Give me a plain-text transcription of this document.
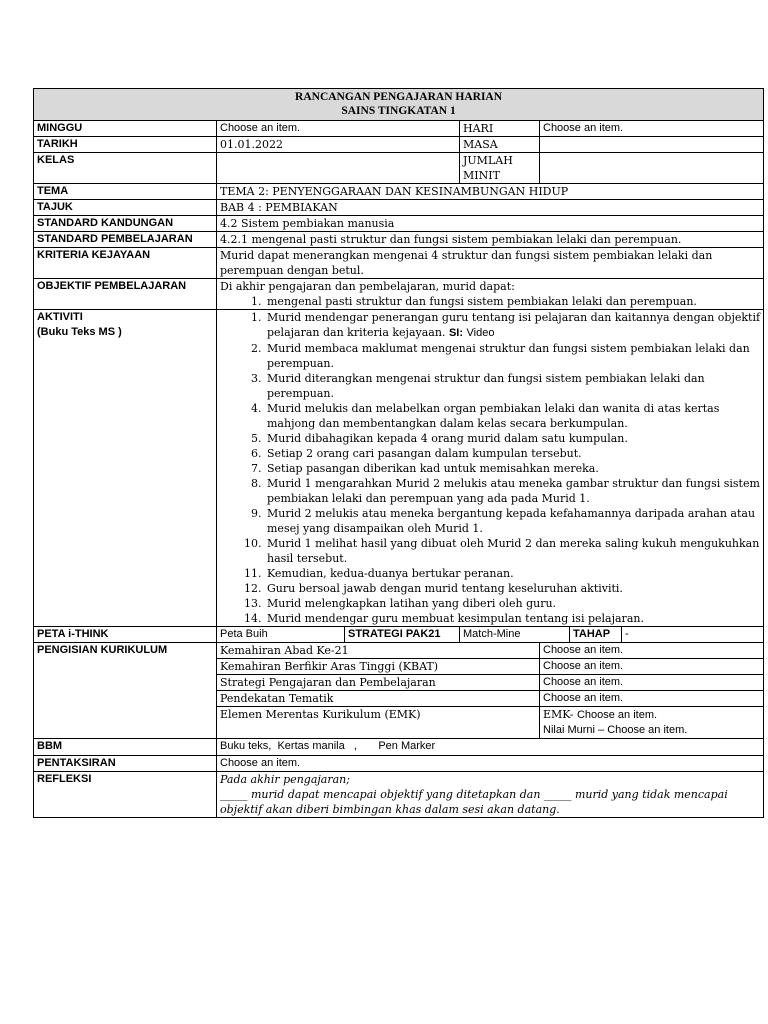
RANCANGAN PENGAJARAN HARIAN
SAINS TINGKATAN 1

MINGGU	Choose an item.	HARI	Choose an item.
TARIKH	01.01.2022	MASA	
KELAS		JUMLAH MINIT	
TEMA	TEMA 2: PENYENGGARAAN DAN KESINAMBUNGAN HIDUP
TAJUK	BAB 4 : PEMBIAKAN
STANDARD KANDUNGAN	4.2 Sistem pembiakan manusia
STANDARD PEMBELAJARAN	4.2.1 mengenal pasti struktur dan fungsi sistem pembiakan lelaki dan perempuan.
KRITERIA KEJAYAAN	Murid dapat menerangkan mengenai 4 struktur dan fungsi sistem pembiakan lelaki dan perempuan dengan betul.
OBJEKTIF PEMBELAJARAN	Di akhir pengajaran dan pembelajaran, murid dapat:
1. mengenal pasti struktur dan fungsi sistem pembiakan lelaki dan perempuan.

AKTIVITI
(Buku Teks MS )

1. Murid mendengar penerangan guru tentang isi pelajaran dan kaitannya dengan objektif pelajaran dan kriteria kejayaan. SI: Video
2. Murid membaca maklumat mengenai struktur dan fungsi sistem pembiakan lelaki dan perempuan.
3. Murid diterangkan mengenai struktur dan fungsi sistem pembiakan lelaki dan perempuan.
4. Murid melukis dan melabelkan organ pembiakan lelaki dan wanita di atas kertas mahjong dan membentangkan dalam kelas secara berkumpulan.
5. Murid dibahagikan kepada 4 orang murid dalam satu kumpulan.
6. Setiap 2 orang cari pasangan dalam kumpulan tersebut.
7. Setiap pasangan diberikan kad untuk memisahkan mereka.
8. Murid 1 mengarahkan Murid 2 melukis atau meneka gambar struktur dan fungsi sistem pembiakan lelaki dan perempuan yang ada pada Murid 1.
9. Murid 2 melukis atau meneka bergantung kepada kefahamannya daripada arahan atau mesej yang disampaikan oleh Murid 1.
10. Murid 1 melihat hasil yang dibuat oleh Murid 2 dan mereka saling kukuh mengukuhkan hasil tersebut.
11. Kemudian, kedua-duanya bertukar peranan.
12. Guru bersoal jawab dengan murid tentang keseluruhan aktiviti.
13. Murid melengkapkan latihan yang diberi oleh guru.
14. Murid mendengar guru membuat kesimpulan tentang isi pelajaran.

PETA i-THINK	Peta Buih	STRATEGI PAK21	Match-Mine		TAHAP	-

PENGISIAN KURIKULUM	Kemahiran Abad Ke-21	Choose an item.
Kemahiran Berfikir Aras Tinggi (KBAT)	Choose an item.
Strategi Pengajaran dan Pembelajaran	Choose an item.
Pendekatan Tematik	Choose an item.
Elemen Merentas Kurikulum (EMK)	EMK- Choose an item.
Nilai Murni – Choose an item.

BBM	Buku teks,  Kertas manila   ,       Pen Marker
PENTAKSIRAN	Choose an item.
REFLEKSI	Pada akhir pengajaran;
_____ murid dapat mencapai objektif yang ditetapkan dan _____ murid yang tidak mencapai objektif akan diberi bimbingan khas dalam sesi akan datang.
